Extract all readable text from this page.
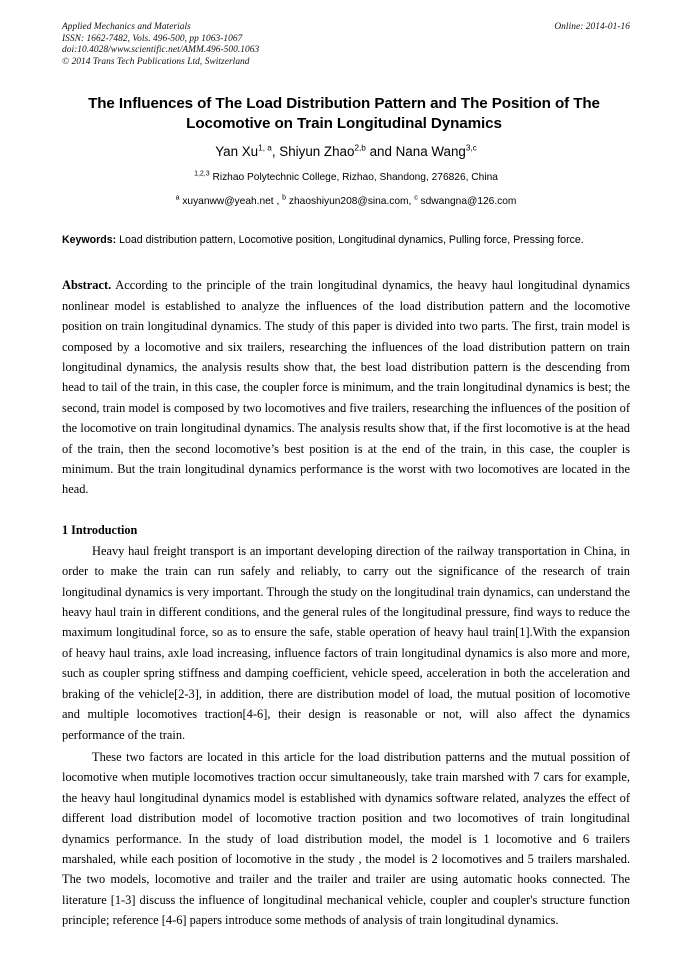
Applied Mechanics and Materials
ISSN: 1662-7482, Vols. 496-500, pp 1063-1067
doi:10.4028/www.scientific.net/AMM.496-500.1063
© 2014 Trans Tech Publications Ltd, Switzerland
Online: 2014-01-16
The Influences of The Load Distribution Pattern and The Position of The Locomotive on Train Longitudinal Dynamics
Yan Xu$^{1, a}$, Shiyun Zhao$^{2,b}$ and Nana Wang$^{3,c}$
$^{1,2,3}$ Rizhao Polytechnic College, Rizhao, Shandong, 276826, China
$^a$ xuyanww@yeah.net , $^b$ zhaoshiyun208@sina.com, $^c$ sdwangna@126.com

Keywords: Load distribution pattern, Locomotive position, Longitudinal dynamics, Pulling force, Pressing force.

Abstract. According to the principle of the train longitudinal dynamics, the heavy haul longitudinal dynamics nonlinear model is established to analyze the influences of the load distribution pattern and the locomotive position on train longitudinal dynamics. The study of this paper is divided into two parts. The first, train model is composed by a locomotive and six trailers, researching the influences of the load distribution pattern on train longitudinal dynamics, the analysis results show that, the best load distribution pattern is the descending from head to tail of the train, in this case, the coupler force is minimum, and the train longitudinal dynamics is best; the second, train model is composed by two locomotives and five trailers, researching the influences of the position of the locomotive on train longitudinal dynamics. The analysis results show that, if the first locomotive is at the head of the train, then the second locomotive’s best position is at the end of the train, in this case, the coupler is minimum. But the train longitudinal dynamics performance is the worst with two locomotives are located in the head.

1 Introduction

Heavy haul freight transport is an important developing direction of the railway transportation in China, in order to make the train can run safely and reliably, to carry out the significance of the research of train longitudinal dynamics is very important. Through the study on the longitudinal train dynamics, can understand the heavy haul train in different conditions, and the general rules of the longitudinal pressure, find ways to reduce the maximum longitudinal force, so as to ensure the safe, stable operation of heavy haul train[1].With the expansion of heavy haul trains, axle load increasing, influence factors of train longitudinal dynamics is also more and more, such as coupler spring stiffness and damping coefficient, vehicle speed, acceleration in both the acceleration and braking of the vehicle[2-3], in addition, there are distribution model of load, the mutual position of locomotive and multiple locomotives traction[4-6], their design is reasonable or not, will also affect the dynamics performance of the train.

These two factors are located in this article for the load distribution patterns and the mutual possition of locomotive when mutiple locomotives traction occur simultaneously, take train marshed with 7 cars for example, the heavy haul longitudinal dynamics model is established with dynamics software related, analyzes the effect of different load distribution model of locomotive traction position and two locomotives of train longitudinal dynamics performance. In the study of load distribution model, the model is 1 locomotive and 6 trailers marshaled, while each position of locomotive in the study , the model is 2 locomotives and 5 trailers marshaled. The two models, locomotive and trailer and the trailer and trailer are using automatic hooks connected. The literature [1-3] discuss the influence of longitudinal mechanical vehicle, coupler and coupler's structure function principle; reference [4-6] papers introduce some methods of analysis of train longitudinal dynamics.
